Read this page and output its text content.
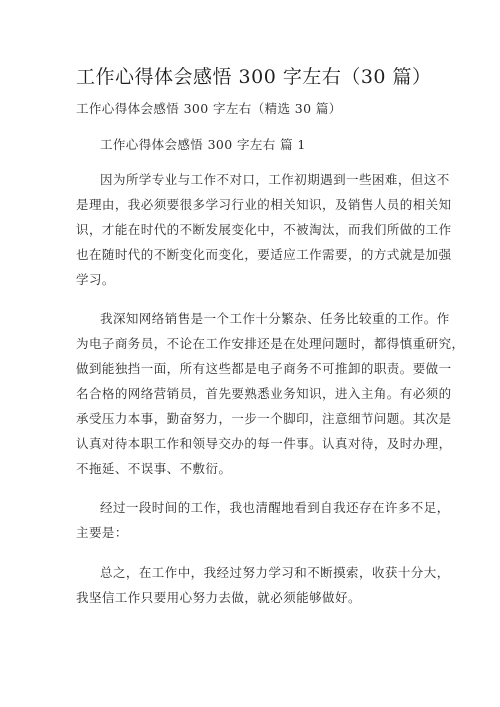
工作心得体会感悟 300 字左右（30 篇）
工作心得体会感悟 300 字左右（精选 30 篇）
工作心得体会感悟 300 字左右 篇 1
因为所学专业与工作不对口，工作初期遇到一些困难，但这不
是理由，我必须要很多学习行业的相关知识，及销售人员的相关知
识，才能在时代的不断发展变化中，不被淘汰，而我们所做的工作
也在随时代的不断变化而变化，要适应工作需要，的方式就是加强
学习。
我深知网络销售是一个工作十分繁杂、任务比较重的工作。作
为电子商务员，不论在工作安排还是在处理问题时，都得慎重研究，
做到能独挡一面，所有这些都是电子商务不可推卸的职责。要做一
名合格的网络营销员，首先要熟悉业务知识，进入主角。有必须的
承受压力本事，勤奋努力，一步一个脚印，注意细节问题。其次是
认真对待本职工作和领导交办的每一件事。认真对待，及时办理，
不拖延、不误事、不敷衍。
经过一段时间的工作，我也清醒地看到自我还存在许多不足，
主要是：
总之，在工作中，我经过努力学习和不断摸索，收获十分大，
我坚信工作只要用心努力去做，就必须能够做好。
